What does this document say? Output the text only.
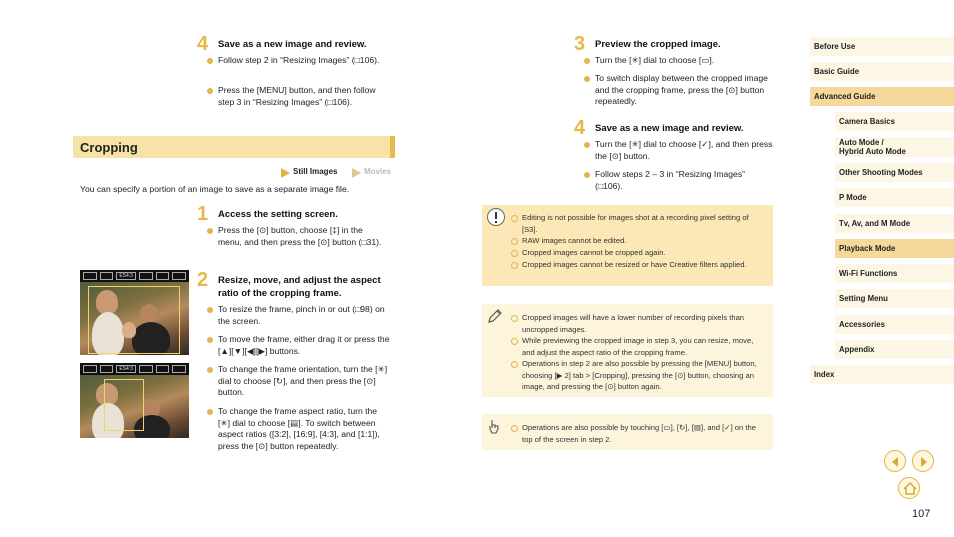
4 Save as a new image and review.
Follow step 2 in “Resizing Images” (□106).
Press the [MENU] button, and then follow step 3 in “Resizing Images” (□106).
Cropping
Still Images	Movies
You can specify a portion of an image to save as a separate image file.
1 Access the setting screen.
Press the [⊙] button, choose [‡] in the menu, and then press the [⊙] button (□31).
2 Resize, move, and adjust the aspect
ratio of the cropping frame.
To resize the frame, pinch in or out (□98) on the screen.
To move the frame, either drag it or press the [▲][▼][◀][▶] buttons.
To change the frame orientation, turn the [✳] dial to choose [↻], and then press the [⊙] button.
To change the frame aspect ratio, turn the [✳] dial to choose [▤]. To switch between aspect ratios ([3:2], [16:9], [4:3], and [1:1]), press the [⊙] button repeatedly.
ES4:3
ES4:3
3 Preview the cropped image.
Turn the [✳] dial to choose [▭].
To switch display between the cropped image and the cropping frame, press the [⊙] button repeatedly.
4 Save as a new image and review.
Turn the [✳] dial to choose [✓], and then press the [⊙] button.
Follow steps 2 – 3 in “Resizing Images” (□106).
Editing is not possible for images shot at a recording pixel setting of [S3].
RAW images cannot be edited.
Cropped images cannot be cropped again.
Cropped images cannot be resized or have Creative filters applied.
Cropped images will have a lower number of recording pixels than uncropped images.
While previewing the cropped image in step 3, you can resize, move, and adjust the aspect ratio of the cropping frame.
Operations in step 2 are also possible by pressing the [MENU] button, choosing [▶ 2] tab > [Cropping], pressing the [⊙] button, choosing an image, and pressing the [⊙] button again.
Operations are also possible by touching [▭], [↻], [▤], and [✓] on the top of the screen in step 2.
Before Use
Basic Guide
Advanced Guide
Camera Basics
Auto Mode /
Hybrid Auto Mode
Other Shooting Modes
P Mode
Tv, Av, and M Mode
Playback Mode
Wi-Fi Functions
Setting Menu
Accessories
Appendix
Index
107
